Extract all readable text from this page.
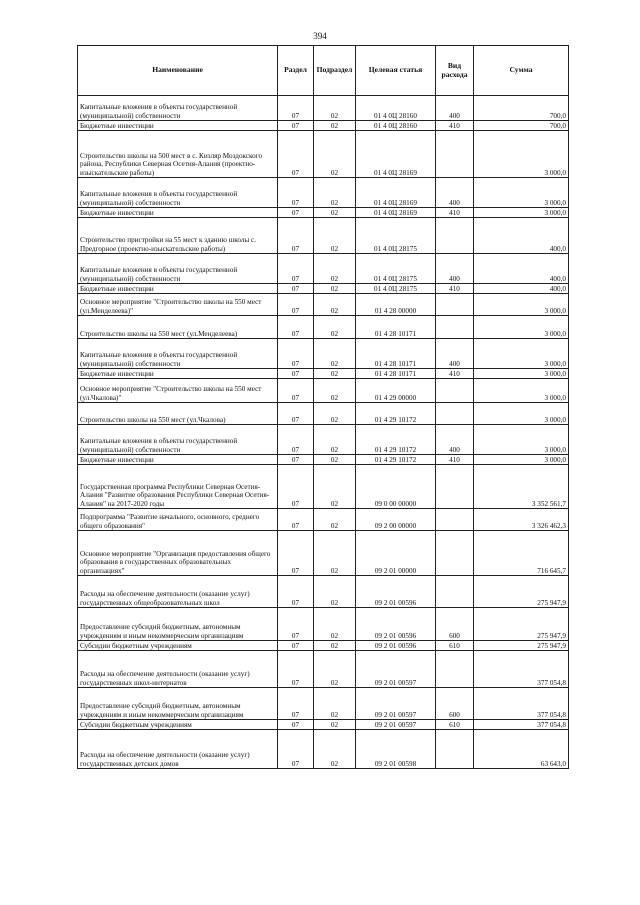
394
Наименование	Раздел	Подраздел	Целевая статья	Вид расхода	Сумма
Капитальные вложения в объекты государственной (муниципальной) собственности	07	02	01 4 0Ц 28160	400	700,0
Бюджетные инвестиции	07	02	01 4 0Ц 28160	410	700,0
Строительство школы на 500 мест в с. Кизляр Моздокского района, Республики Северная Осетия-Алания (проектно-изыскательские работы)	07	02	01 4 0Ц 28169		3 000,0
Капитальные вложения в объекты государственной (муниципальной) собственности	07	02	01 4 0Ц 28169	400	3 000,0
Бюджетные инвестиции	07	02	01 4 0Ц 28169	410	3 000,0
Строительство пристройки на 55 мест к зданию школы с. Предгорное (проектно-изыскательские работы)	07	02	01 4 0Ц 28175		400,0
Капитальные вложения в объекты государственной (муниципальной) собственности	07	02	01 4 0Ц 28175	400	400,0
Бюджетные инвестиции	07	02	01 4 0Ц 28175	410	400,0
Основное мероприятие "Строительство школы на 550 мест (ул.Менделеева)"	07	02	01 4 28 00000		3 000,0
Строительство школы на 550 мест (ул.Менделеева)	07	02	01 4 28 10171		3 000,0
Капитальные вложения в объекты государственной (муниципальной) собственности	07	02	01 4 28 10171	400	3 000,0
Бюджетные инвестиции	07	02	01 4 28 10171	410	3 000,0
Основное мероприятие "Строительство школы на 550 мест (ул.Чкалова)"	07	02	01 4 29 00000		3 000,0
Строительство школы на 550 мест (ул.Чкалова)	07	02	01 4 29 10172		3 000,0
Капитальные вложения в объекты государственной (муниципальной) собственности	07	02	01 4 29 10172	400	3 000,0
Бюджетные инвестиции	07	02	01 4 29 10172	410	3 000,0
Государственная программа Республики Северная Осетия-Алания "Развитие образования Республики Северная Осетия-Алания" на 2017-2020 годы	07	02	09 0 00 00000		3 352 561,7
Подпрограмма "Развитие начального, основного, среднего общего образования"	07	02	09 2 00 00000		3 326 462,3
Основное мероприятие "Организация предоставления общего образования в государственных образовательных организациях"	07	02	09 2 01 00000		716 645,7
Расходы на обеспечение деятельности (оказание услуг) государственных общеобразовательных школ	07	02	09 2 01 00596		275 947,9
Предоставление субсидий бюджетным, автономным учреждениям и иным некоммерческим организациям	07	02	09 2 01 00596	600	275 947,9
Субсидии бюджетным учреждениям	07	02	09 2 01 00596	610	275 947,9
Расходы на обеспечение деятельности (оказание услуг) государственных школ-интернатов	07	02	09 2 01 00597		377 054,8
Предоставление субсидий бюджетным, автономным учреждениям и иным некоммерческим организациям	07	02	09 2 01 00597	600	377 054,8
Субсидии бюджетным учреждениям	07	02	09 2 01 00597	610	377 054,8
Расходы на обеспечение деятельности (оказание услуг) государственных детских домов	07	02	09 2 01 00598		63 643,0
